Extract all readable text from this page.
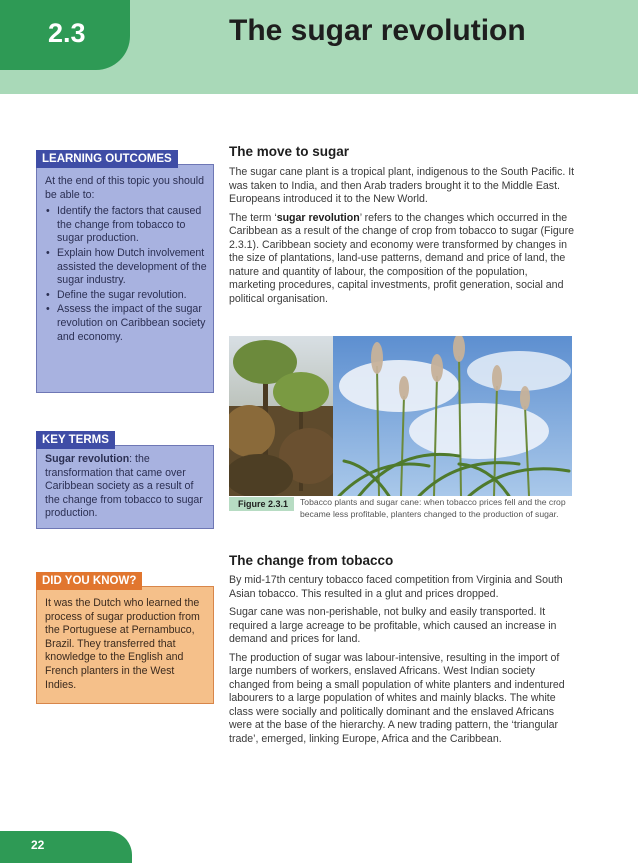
2.3	The sugar revolution
LEARNING OUTCOMES
At the end of this topic you should be able to:
• Identify the factors that caused the change from tobacco to sugar production.
• Explain how Dutch involvement assisted the development of the sugar industry.
• Define the sugar revolution.
• Assess the impact of the sugar revolution on Caribbean society and economy.
KEY TERMS

Sugar revolution: the transformation that came over Caribbean society as a result of the change from tobacco to sugar production.

DID YOU KNOW?

It was the Dutch who learned the process of sugar production from the Portuguese at Pernambuco, Brazil. They transferred that knowledge to the English and French planters in the West Indies.

The move to sugar

The sugar cane plant is a tropical plant, indigenous to the South Pacific. It was taken to India, and then Arab traders brought it to the Middle East. Europeans introduced it to the New World.

The term ‘sugar revolution’ refers to the changes which occurred in the Caribbean as a result of the change of crop from tobacco to sugar (Figure 2.3.1). Caribbean society and economy were transformed by changes in the size of plantations, land-use patterns, demand and price of land, the nature and quantity of labour, the composition of the population, marketing procedures, capital investments, profit generation, social and political organisation.

Figure 2.3.1	Tobacco plants and sugar cane: when tobacco prices fell and the crop became less profitable, planters changed to the production of sugar.

The change from tobacco

By mid-17th century tobacco faced competition from Virginia and South Asian tobacco. This resulted in a glut and prices dropped.

Sugar cane was non-perishable, not bulky and easily transported. It required a large acreage to be profitable, which caused an increase in demand and prices for land.

The production of sugar was labour-intensive, resulting in the import of large numbers of workers, enslaved Africans. West Indian society changed from being a small population of white planters and indentured labourers to a large population of whites and mainly blacks. The white class were socially and politically dominant and the enslaved Africans were at the base of the hierarchy. A new trading pattern, the ‘triangular trade’, emerged, linking Europe, Africa and the Caribbean.

22
